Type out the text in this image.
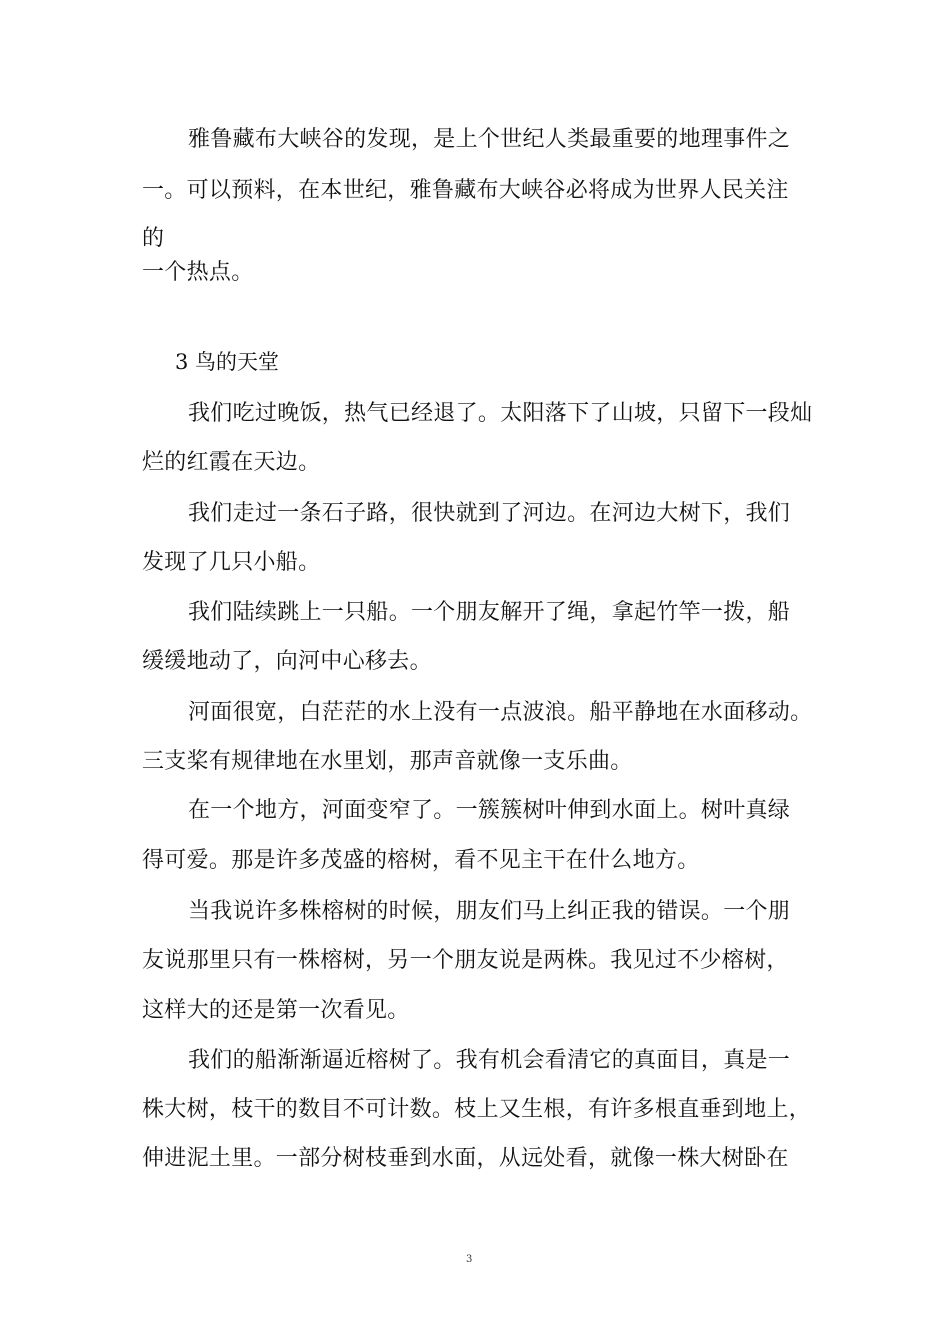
雅鲁藏布大峡谷的发现，是上个世纪人类最重要的地理事件之
一。可以预料，在本世纪，雅鲁藏布大峡谷必将成为世界人民关注
的
一个热点。
3 鸟的天堂
我们吃过晚饭，热气已经退了。太阳落下了山坡，只留下一段灿
烂的红霞在天边。
我们走过一条石子路，很快就到了河边。在河边大树下，我们
发现了几只小船。
我们陆续跳上一只船。一个朋友解开了绳，拿起竹竿一拨，船
缓缓地动了，向河中心移去。
河面很宽，白茫茫的水上没有一点波浪。船平静地在水面移动。
三支桨有规律地在水里划，那声音就像一支乐曲。
在一个地方，河面变窄了。一簇簇树叶伸到水面上。树叶真绿
得可爱。那是许多茂盛的榕树，看不见主干在什么地方。
当我说许多株榕树的时候，朋友们马上纠正我的错误。一个朋
友说那里只有一株榕树，另一个朋友说是两株。我见过不少榕树，
这样大的还是第一次看见。
我们的船渐渐逼近榕树了。我有机会看清它的真面目，真是一
株大树，枝干的数目不可计数。枝上又生根，有许多根直垂到地上，
伸进泥土里。一部分树枝垂到水面，从远处看，就像一株大树卧在
3
